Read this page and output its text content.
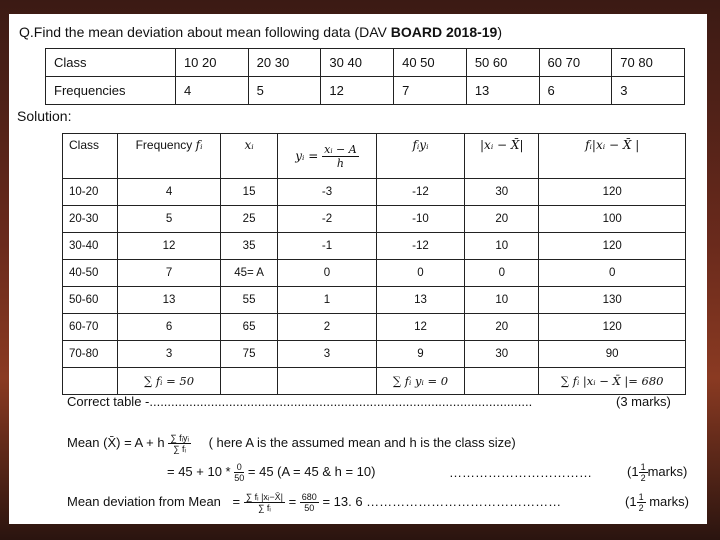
Q.Find the mean deviation about mean following data (DAV BOARD 2018-19)
Class	10 20	20 30	30 40	40 50	50 60	60 70	70 80
Frequencies	4	5	12	7	13	6	3
Solution:
Class	Frequency fᵢ	xᵢ	yᵢ = $\frac{\text{xᵢ − A}}{h}$	fᵢyᵢ	|xᵢ − X̄|	fᵢ|xᵢ − X̄ |
10-20	4	15	-3	-12	30	120
20-30	5	25	-2	-10	20	100
30-40	12	35	-1	-12	10	120
40-50	7	45= A	0	0	0	0
50-60	13	55	1	13	10	130
60-70	6	65	2	12	20	120
70-80	3	75	3	9	30	90
	∑ fᵢ = 50			∑ fᵢ yᵢ = 0		∑ fᵢ |xᵢ − X̄ |= 680
Correct table -..........................................................................................................	(3 marks)
Mean (X̄) = A + h $\frac{\text{∑ fᵢyᵢ}}{\text{∑ fᵢ}}$ ( here A is the assumed mean and h is the class size)
= $45 + 10 * \frac{0}{50} = 45$ (A = 45 & h = 10)	……………………………	($1 \frac{1}{2}$ marks)
Mean deviation from Mean = $\frac{\text{∑ fᵢ |xᵢ−X̄|}}{\text{∑ fᵢ}} = \frac{680}{50} = 13$. 6 ………………………………………	($1 \frac{1}{2}$ marks)
